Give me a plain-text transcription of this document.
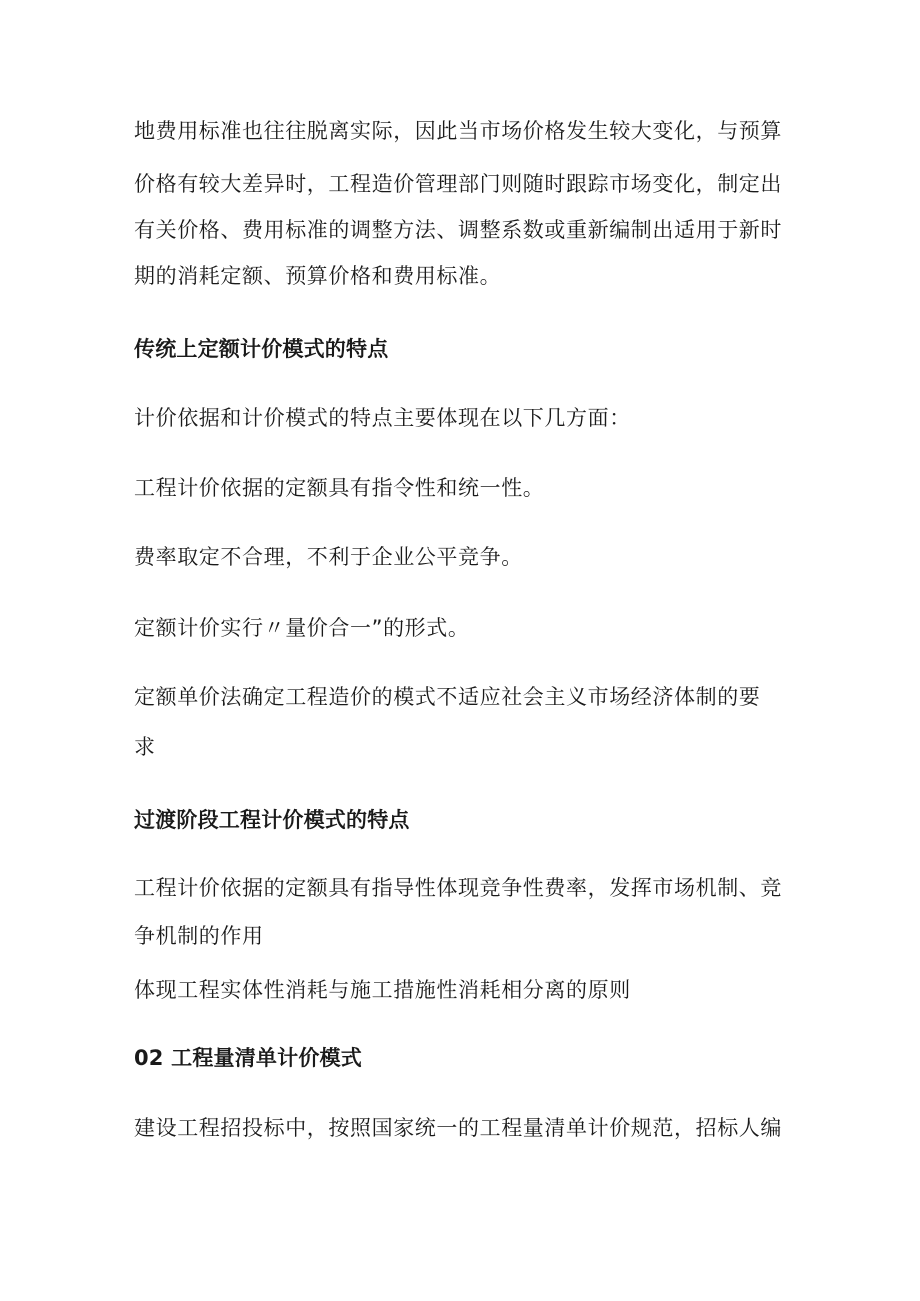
地费用标准也往往脱离实际，因此当市场价格发生较大变化，与预算
价格有较大差异时，工程造价管理部门则随时跟踪市场变化，制定出
有关价格、费用标准的调整方法、调整系数或重新编制出适用于新时
期的消耗定额、预算价格和费用标准。
传统上定额计价模式的特点
计价依据和计价模式的特点主要体现在以下几方面：
工程计价依据的定额具有指令性和统一性。
费率取定不合理，不利于企业公平竞争。
定额计价实行〃量价合一”的形式。
定额单价法确定工程造价的模式不适应社会主义市场经济体制的要
求
过渡阶段工程计价模式的特点
工程计价依据的定额具有指导性体现竞争性费率，发挥市场机制、竞
争机制的作用
体现工程实体性消耗与施工措施性消耗相分离的原则
02 工程量清单计价模式
建设工程招投标中，按照国家统一的工程量清单计价规范，招标人编
